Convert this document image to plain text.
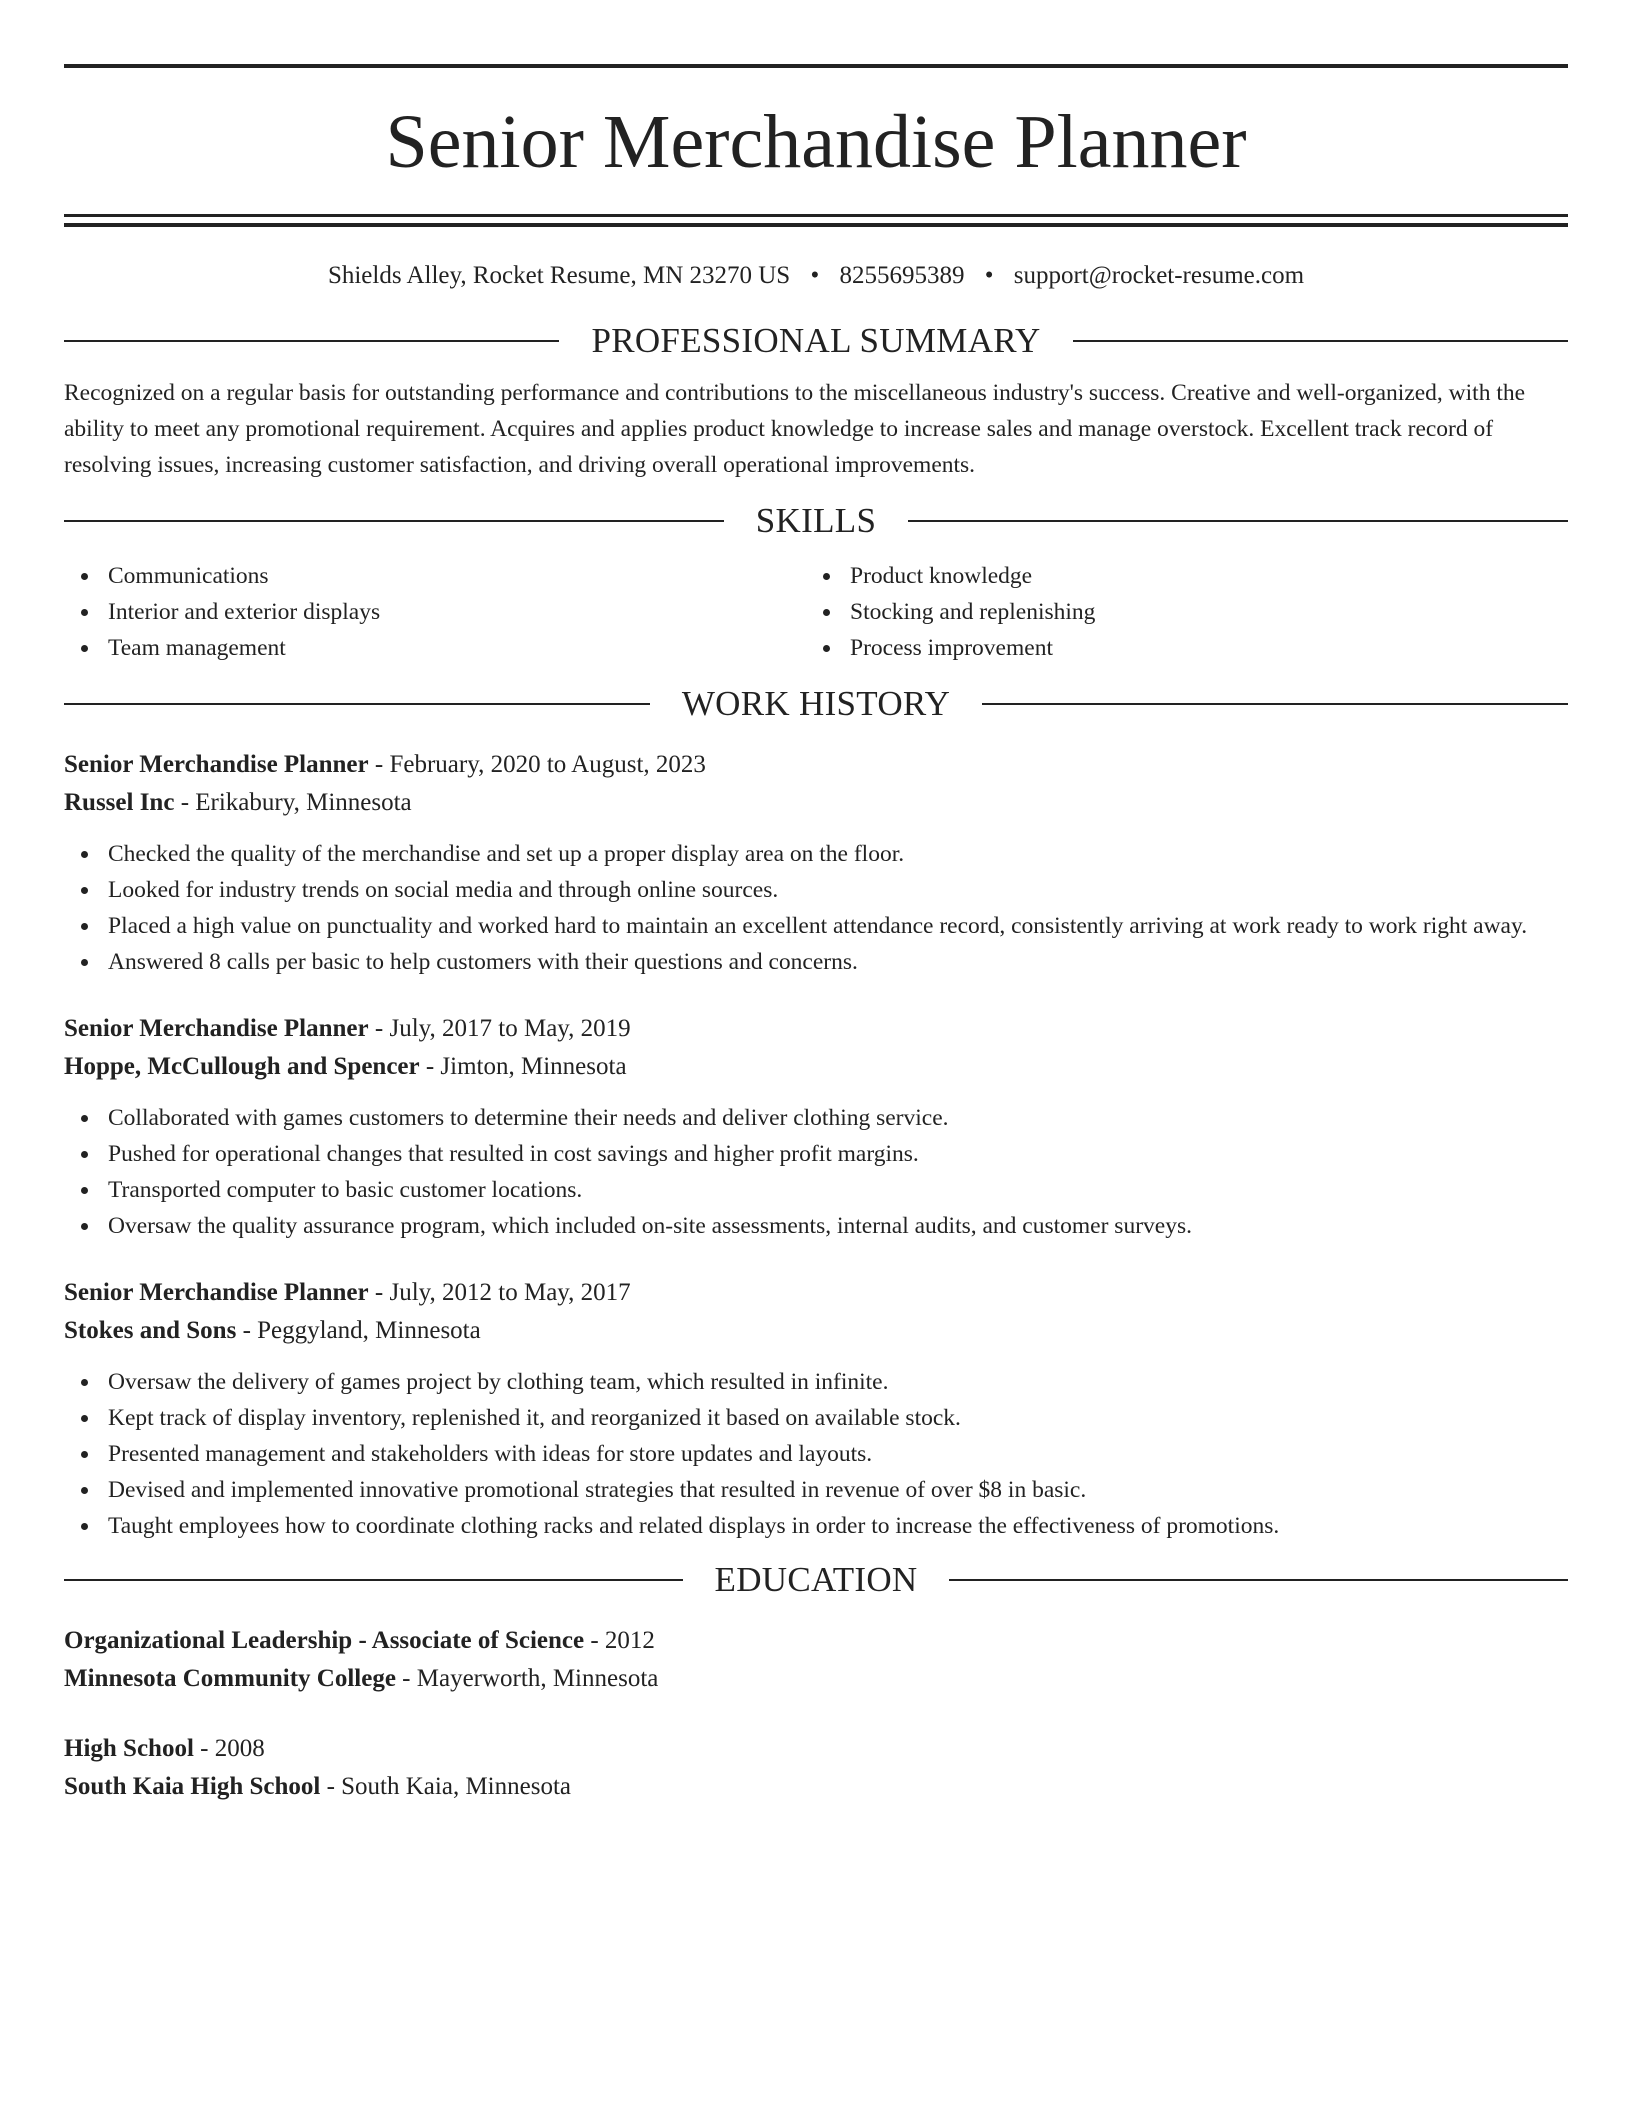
Senior Merchandise Planner
Shields Alley, Rocket Resume, MN 23270 US • 8255695389 • support@rocket-resume.com
PROFESSIONAL SUMMARY

Recognized on a regular basis for outstanding performance and contributions to the miscellaneous industry's success. Creative and well-organized, with the ability to meet any promotional requirement. Acquires and applies product knowledge to increase sales and manage overstock. Excellent track record of resolving issues, increasing customer satisfaction, and driving overall operational improvements.

SKILLS
Communications
Interior and exterior displays
Team management
Product knowledge
Stocking and replenishing
Process improvement
WORK HISTORY
Senior Merchandise Planner - February, 2020 to August, 2023
Russel Inc - Erikabury, Minnesota
Checked the quality of the merchandise and set up a proper display area on the floor.
Looked for industry trends on social media and through online sources.
Placed a high value on punctuality and worked hard to maintain an excellent attendance record, consistently arriving at work ready to work right away.
Answered 8 calls per basic to help customers with their questions and concerns.
Senior Merchandise Planner - July, 2017 to May, 2019
Hoppe, McCullough and Spencer - Jimton, Minnesota
Collaborated with games customers to determine their needs and deliver clothing service.
Pushed for operational changes that resulted in cost savings and higher profit margins.
Transported computer to basic customer locations.
Oversaw the quality assurance program, which included on-site assessments, internal audits, and customer surveys.
Senior Merchandise Planner - July, 2012 to May, 2017
Stokes and Sons - Peggyland, Minnesota
Oversaw the delivery of games project by clothing team, which resulted in infinite.
Kept track of display inventory, replenished it, and reorganized it based on available stock.
Presented management and stakeholders with ideas for store updates and layouts.
Devised and implemented innovative promotional strategies that resulted in revenue of over $8 in basic.
Taught employees how to coordinate clothing racks and related displays in order to increase the effectiveness of promotions.
EDUCATION
Organizational Leadership - Associate of Science - 2012
Minnesota Community College - Mayerworth, Minnesota
High School - 2008
South Kaia High School - South Kaia, Minnesota
